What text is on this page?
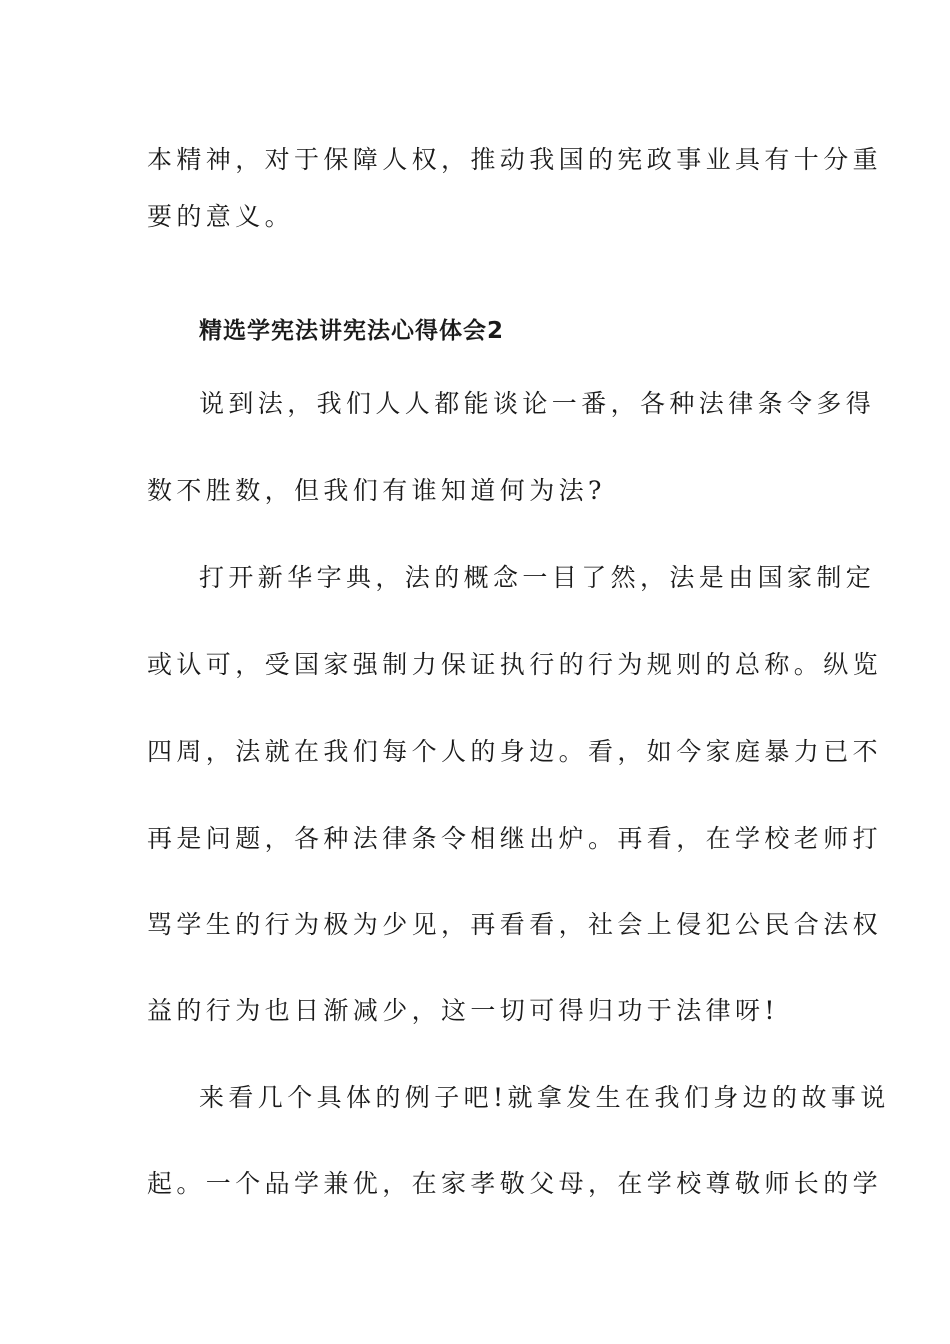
本精神，对于保障人权，推动我国的宪政事业具有十分重
要的意义。
精选学宪法讲宪法心得体会2
说到法，我们人人都能谈论一番，各种法律条令多得
数不胜数，但我们有谁知道何为法?
打开新华字典，法的概念一目了然，法是由国家制定
或认可，受国家强制力保证执行的行为规则的总称。纵览
四周，法就在我们每个人的身边。看，如今家庭暴力已不
再是问题，各种法律条令相继出炉。再看，在学校老师打
骂学生的行为极为少见，再看看，社会上侵犯公民合法权
益的行为也日渐减少，这一切可得归功于法律呀!
来看几个具体的例子吧!就拿发生在我们身边的故事说
起。一个品学兼优，在家孝敬父母，在学校尊敬师长的学
